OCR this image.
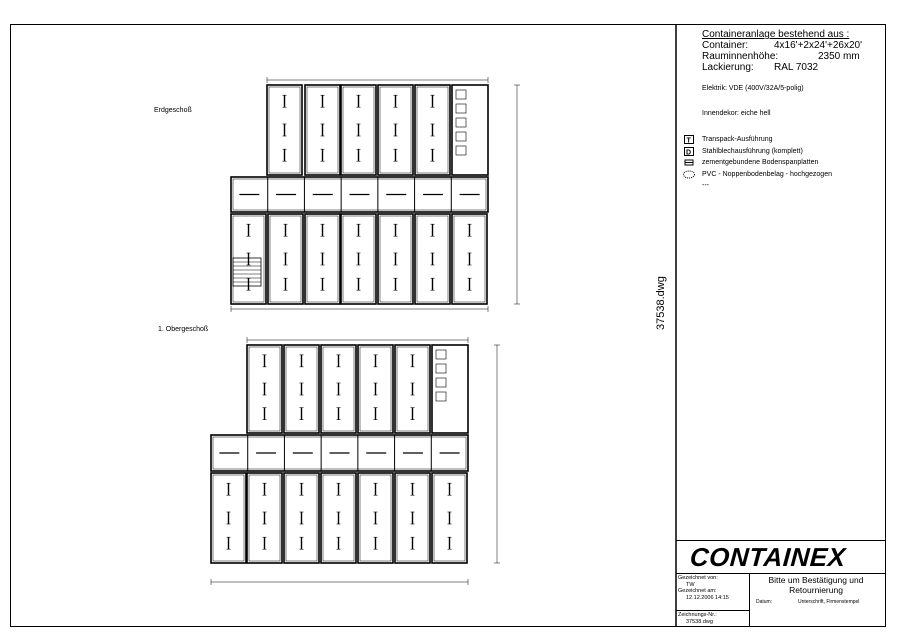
Erdgeschoß
1. Obergeschoß	37538.dwg
Containeranlage bestehend aus :
Container:	4x16'+2x24'+26x20'
Rauminnenhöhe:	2350 mm
Lackierung:	RAL 7032
Elektrik: VDE (400V/32A/5-polig)
Innendekor: eiche hell
T Transpack-Ausführung
D Stahlblechausführung (komplett)
zementgebundene Bodenspanplatten
PVC - Noppenbodenbelag - hochgezogen
---
CONTAINEX
Gezeichnet von:
TW
Gezeichnet am:
12.12.2006 14:15
Zeichnungs-Nr.:
37538.dwg
Bitte um Bestätigung und Retournierung
Datum:	Unterschrift, Firmenstempel
